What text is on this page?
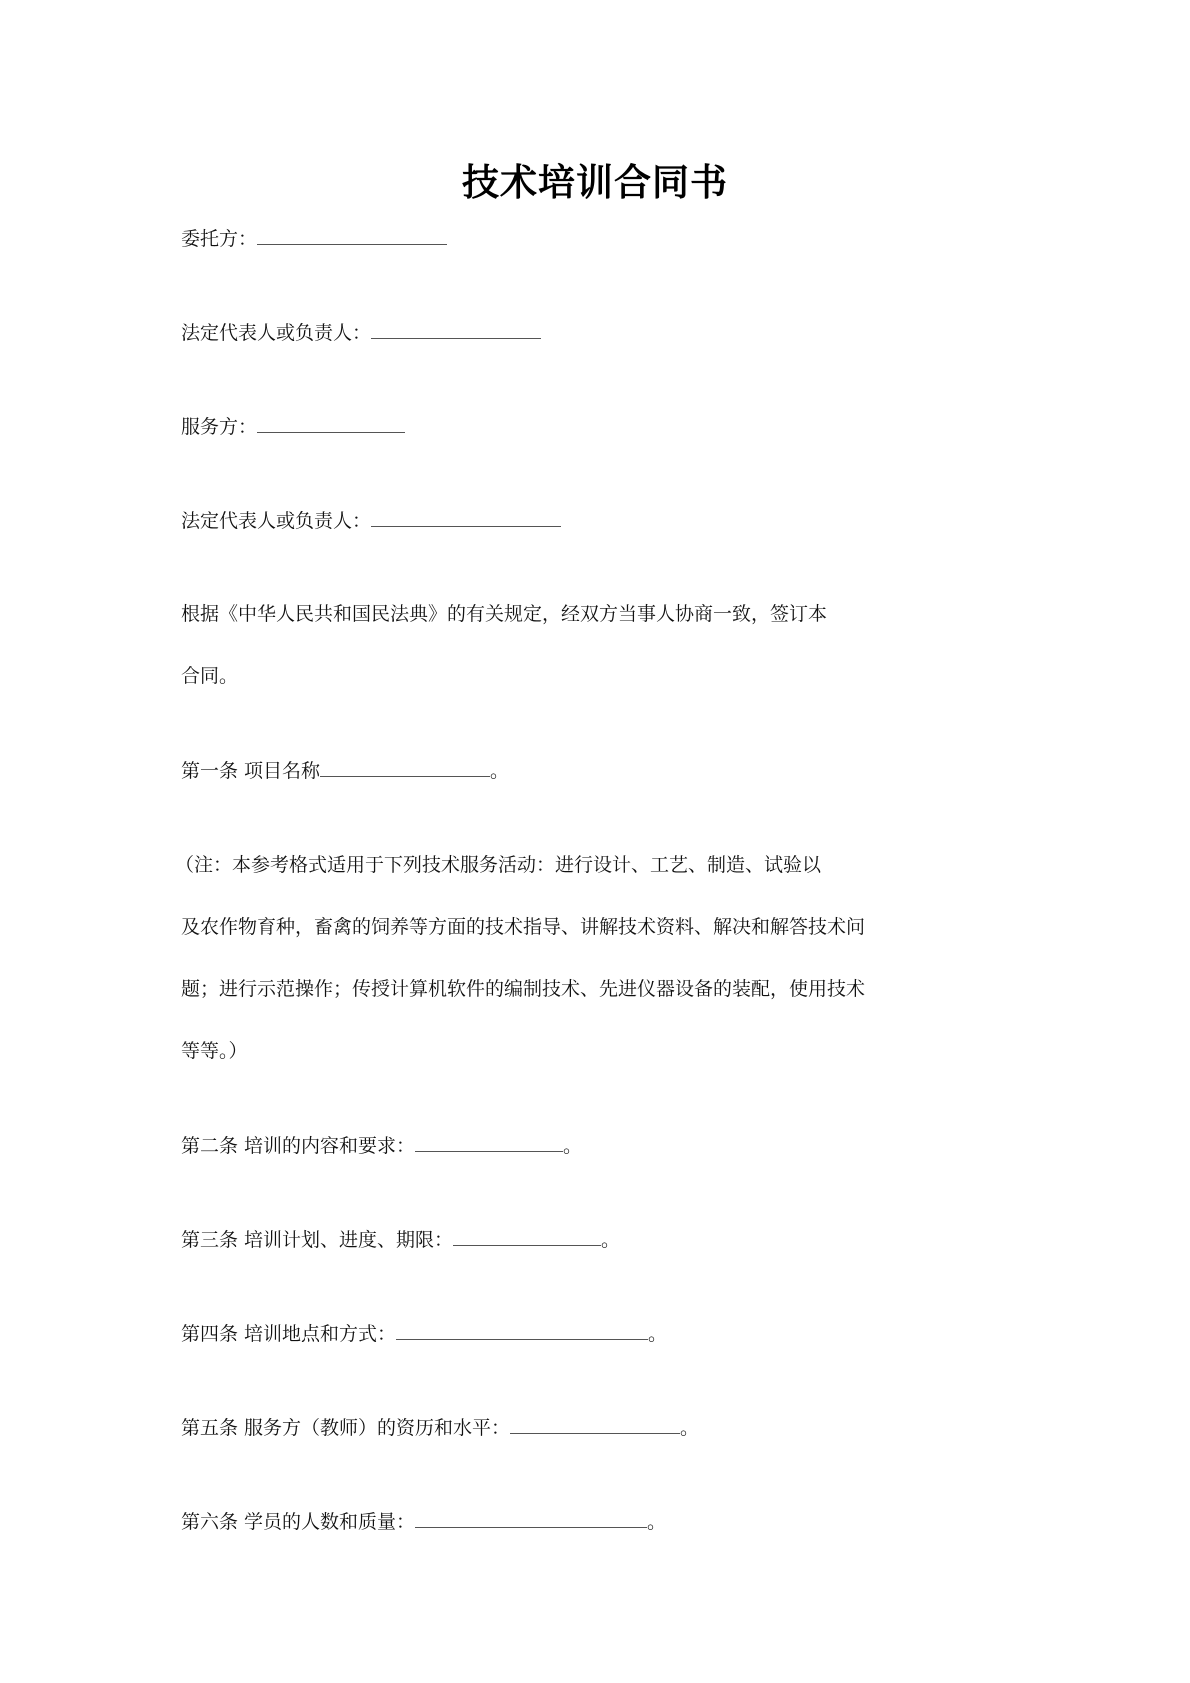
技术培训合同书
委托方：
法定代表人或负责人：
服务方：
法定代表人或负责人：
根据《中华人民共和国民法典》的有关规定，经双方当事人协商一致，签订本
合同。
第一条 项目名称	。
（注：本参考格式适用于下列技术服务活动：进行设计、工艺、制造、试验以
及农作物育种，畜禽的饲养等方面的技术指导、讲解技术资料、解决和解答技术问
题；进行示范操作；传授计算机软件的编制技术、先进仪器设备的装配，使用技术
等等。）
第二条 培训的内容和要求：	。
第三条 培训计划、进度、期限：	。
第四条 培训地点和方式：	。
第五条 服务方（教师）的资历和水平：	。
第六条 学员的人数和质量：	。
